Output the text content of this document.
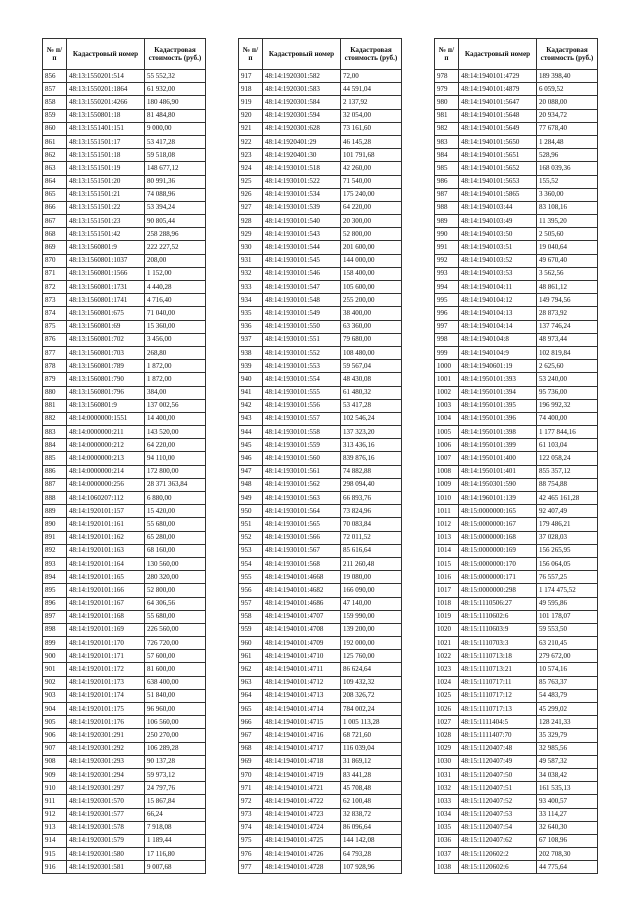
№ п/п	Кадастровый номер	Кадастровая стоимость (руб.)
856	48:13:1550201:514	55 552,32
857	48:13:1550201:1864	61 932,00
858	48:13:1550201:4266	180 486,90
859	48:13:1550801:18	81 484,80
860	48:13:1551401:151	9 000,00
861	48:13:1551501:17	53 417,28
862	48:13:1551501:18	59 518,08
863	48:13:1551501:19	148 677,12
864	48:13:1551501:20	80 991,36
865	48:13:1551501:21	74 088,96
866	48:13:1551501:22	53 394,24
867	48:13:1551501:23	90 805,44
868	48:13:1551501:42	258 288,96
869	48:13:1560801:9	222 227,52
870	48:13:1560801:1037	208,00
871	48:13:1560801:1566	1 152,00
872	48:13:1560801:1731	4 440,28
873	48:13:1560801:1741	4 716,40
874	48:13:1560801:675	71 040,00
875	48:13:1560801:69	15 360,00
876	48:13:1560801:702	3 456,00
877	48:13:1560801:703	268,80
878	48:13:1560801:789	1 872,00
879	48:13:1560801:790	1 872,00
880	48:13:1560801:796	384,00
881	48:13:1560801:9	137 002,56
882	48:14:0000000:1551	14 400,00
883	48:14:0000000:211	143 520,00
884	48:14:0000000:212	64 220,00
885	48:14:0000000:213	94 110,00
886	48:14:0000000:214	172 800,00
887	48:14:0000000:256	28 371 363,84
888	48:14:1060207:112	6 880,00
889	48:14:1920101:157	15 420,00
890	48:14:1920101:161	55 680,00
891	48:14:1920101:162	65 280,00
892	48:14:1920101:163	68 160,00
893	48:14:1920101:164	130 560,00
894	48:14:1920101:165	280 320,00
895	48:14:1920101:166	52 800,00
896	48:14:1920101:167	64 306,56
897	48:14:1920101:168	55 680,00
898	48:14:1920101:169	226 560,00
899	48:14:1920101:170	726 720,00
900	48:14:1920101:171	57 600,00
901	48:14:1920101:172	81 600,00
902	48:14:1920101:173	638 400,00
903	48:14:1920101:174	51 840,00
904	48:14:1920101:175	96 960,00
905	48:14:1920101:176	106 560,00
906	48:14:1920301:291	250 270,00
907	48:14:1920301:292	106 289,28
908	48:14:1920301:293	90 137,28
909	48:14:1920301:294	59 973,12
910	48:14:1920301:297	24 797,76
911	48:14:1920301:570	15 867,84
912	48:14:1920301:577	66,24
913	48:14:1920301:578	7 918,08
914	48:14:1920301:579	1 189,44
915	48:14:1920301:580	17 116,80
916	48:14:1920301:581	9 007,68
№ п/п	Кадастровый номер	Кадастровая стоимость (руб.)
917	48:14:1920301:582	72,00
918	48:14:1920301:583	44 591,04
919	48:14:1920301:584	2 137,92
920	48:14:1920301:594	32 054,00
921	48:14:1920301:628	73 161,60
922	48:14:1920401:29	46 145,28
923	48:14:1920401:30	101 791,68
924	48:14:1930101:518	42 260,00
925	48:14:1930101:522	71 540,00
926	48:14:1930101:534	175 240,00
927	48:14:1930101:539	64 220,00
928	48:14:1930101:540	20 300,00
929	48:14:1930101:543	52 800,00
930	48:14:1930101:544	201 600,00
931	48:14:1930101:545	144 000,00
932	48:14:1930101:546	158 400,00
933	48:14:1930101:547	105 600,00
934	48:14:1930101:548	255 200,00
935	48:14:1930101:549	38 400,00
936	48:14:1930101:550	63 360,00
937	48:14:1930101:551	79 680,00
938	48:14:1930101:552	108 480,00
939	48:14:1930101:553	59 567,04
940	48:14:1930101:554	48 430,08
941	48:14:1930101:555	61 480,32
942	48:14:1930101:556	53 417,28
943	48:14:1930101:557	102 546,24
944	48:14:1930101:558	137 323,20
945	48:14:1930101:559	313 436,16
946	48:14:1930101:560	839 876,16
947	48:14:1930101:561	74 882,88
948	48:14:1930101:562	298 094,40
949	48:14:1930101:563	66 893,76
950	48:14:1930101:564	73 824,96
951	48:14:1930101:565	70 083,84
952	48:14:1930101:566	72 011,52
953	48:14:1930101:567	85 616,64
954	48:14:1930101:568	211 260,48
955	48:14:1940101:4668	19 080,00
956	48:14:1940101:4682	166 090,00
957	48:14:1940101:4686	47 140,00
958	48:14:1940101:4707	159 990,00
959	48:14:1940101:4708	139 200,00
960	48:14:1940101:4709	192 000,00
961	48:14:1940101:4710	125 760,00
962	48:14:1940101:4711	86 624,64
963	48:14:1940101:4712	109 432,32
964	48:14:1940101:4713	208 326,72
965	48:14:1940101:4714	784 002,24
966	48:14:1940101:4715	1 005 113,28
967	48:14:1940101:4716	68 721,60
968	48:14:1940101:4717	116 039,04
969	48:14:1940101:4718	31 869,12
970	48:14:1940101:4719	83 441,28
971	48:14:1940101:4721	45 708,48
972	48:14:1940101:4722	62 100,48
973	48:14:1940101:4723	32 838,72
974	48:14:1940101:4724	86 096,64
975	48:14:1940101:4725	144 142,08
976	48:14:1940101:4726	64 793,28
977	48:14:1940101:4728	107 928,96
№ п/п	Кадастровый номер	Кадастровая стоимость (руб.)
978	48:14:1940101:4729	189 398,40
979	48:14:1940101:4879	6 059,52
980	48:14:1940101:5647	20 088,00
981	48:14:1940101:5648	20 934,72
982	48:14:1940101:5649	77 678,40
983	48:14:1940101:5650	1 284,48
984	48:14:1940101:5651	528,96
985	48:14:1940101:5652	168 039,36
986	48:14:1940101:5653	155,52
987	48:14:1940101:5865	3 360,00
988	48:14:1940103:44	83 108,16
989	48:14:1940103:49	11 395,20
990	48:14:1940103:50	2 505,60
991	48:14:1940103:51	19 040,64
992	48:14:1940103:52	49 670,40
993	48:14:1940103:53	3 562,56
994	48:14:1940104:11	48 861,12
995	48:14:1940104:12	149 794,56
996	48:14:1940104:13	28 873,92
997	48:14:1940104:14	137 746,24
998	48:14:1940104:8	48 973,44
999	48:14:1940104:9	102 819,84
1000	48:14:1940601:19	2 625,60
1001	48:14:1950101:393	53 240,00
1002	48:14:1950101:394	95 736,00
1003	48:14:1950101:395	196 992,32
1004	48:14:1950101:396	74 400,00
1005	48:14:1950101:398	1 177 844,16
1006	48:14:1950101:399	61 103,04
1007	48:14:1950101:400	122 058,24
1008	48:14:1950101:401	855 357,12
1009	48:14:1950301:590	88 754,88
1010	48:14:1960101:139	42 465 161,28
1011	48:15:0000000:165	92 407,49
1012	48:15:0000000:167	179 486,21
1013	48:15:0000000:168	37 028,03
1014	48:15:0000000:169	156 265,95
1015	48:15:0000000:170	156 064,05
1016	48:15:0000000:171	76 557,25
1017	48:15:0000000:298	1 174 475,52
1018	48:15:1110506:27	49 595,86
1019	48:15:1110602:6	101 178,07
1020	48:15:1110603:9	59 553,50
1021	48:15:1110703:3	63 210,45
1022	48:15:1110713:18	279 672,00
1023	48:15:1110713:21	10 574,16
1024	48:15:1110717:11	85 763,37
1025	48:15:1110717:12	54 483,79
1026	48:15:1110717:13	45 299,02
1027	48:15:1111404:5	128 241,33
1028	48:15:1111407:70	35 329,79
1029	48:15:1120407:48	32 985,56
1030	48:15:1120407:49	49 587,32
1031	48:15:1120407:50	34 038,42
1032	48:15:1120407:51	161 535,13
1033	48:15:1120407:52	93 400,57
1034	48:15:1120407:53	33 114,27
1035	48:15:1120407:54	32 640,30
1036	48:15:1120407:62	67 108,96
1037	48:15:1120602:2	202 708,30
1038	48:15:1120602:6	44 775,64
